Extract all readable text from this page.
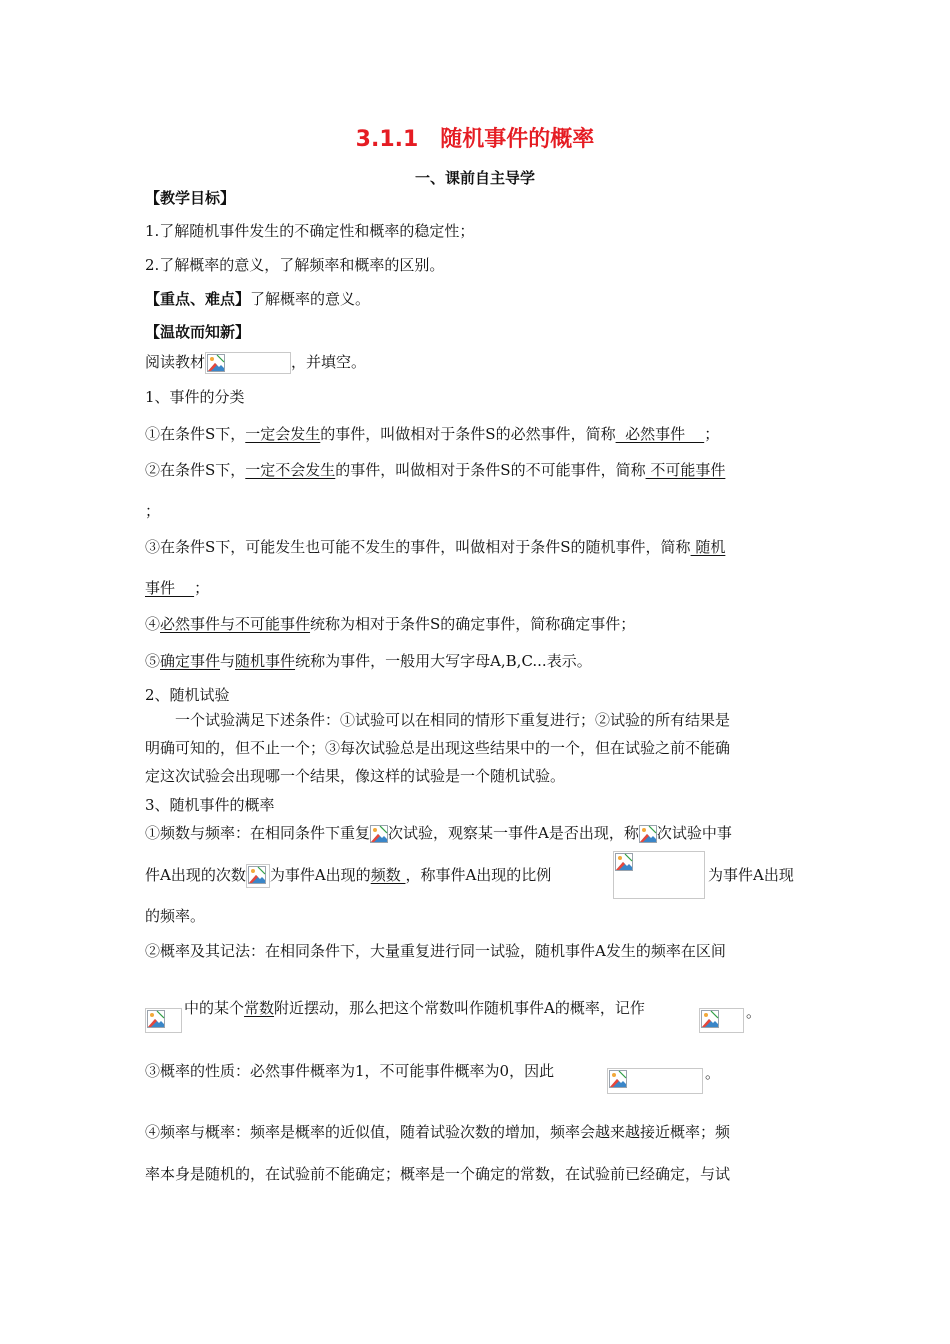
3.1.1　随机事件的概率
一、课前自主导学
【教学目标】
1.了解随机事件发生的不确定性和概率的稳定性；
2.了解概率的意义，了解频率和概率的区别。
【重点、难点】了解概率的意义。
【温故而知新】
阅读教材	，并填空。
1、事件的分类
①在条件S下，一定会发生的事件，叫做相对于条件S的必然事件，简称  必然事件    ；
②在条件S下，一定不会发生的事件，叫做相对于条件S的不可能事件，简称 不可能事件
；
③在条件S下，可能发生也可能不发生的事件，叫做相对于条件S的随机事件，简称 随机
事件    ；
④必然事件与不可能事件统称为相对于条件S的确定事件，简称确定事件；
⑤确定事件与随机事件统称为事件，一般用大写字母A,B,C...表示。
2、随机试验
一个试验满足下述条件：①试验可以在相同的情形下重复进行；②试验的所有结果是
明确可知的，但不止一个；③每次试验总是出现这些结果中的一个，但在试验之前不能确
定这次试验会出现哪一个结果，像这样的试验是一个随机试验。
3、随机事件的概率
①频数与频率：在相同条件下重复 次试验，观察某一事件A是否出现，称 次试验中事
件A出现的次数 为事件A出现的频数 ，称事件A出现的比例	为事件A出现
的频率。
②概率及其记法：在相同条件下，大量重复进行同一试验，随机事件A发生的频率在区间
中的某个常数附近摆动，那么把这个常数叫作随机事件A的概率，记作	。
③概率的性质：必然事件概率为1，不可能事件概率为0，因此	。
④频率与概率：频率是概率的近似值，随着试验次数的增加，频率会越来越接近概率；频
率本身是随机的，在试验前不能确定；概率是一个确定的常数，在试验前已经确定，与试
